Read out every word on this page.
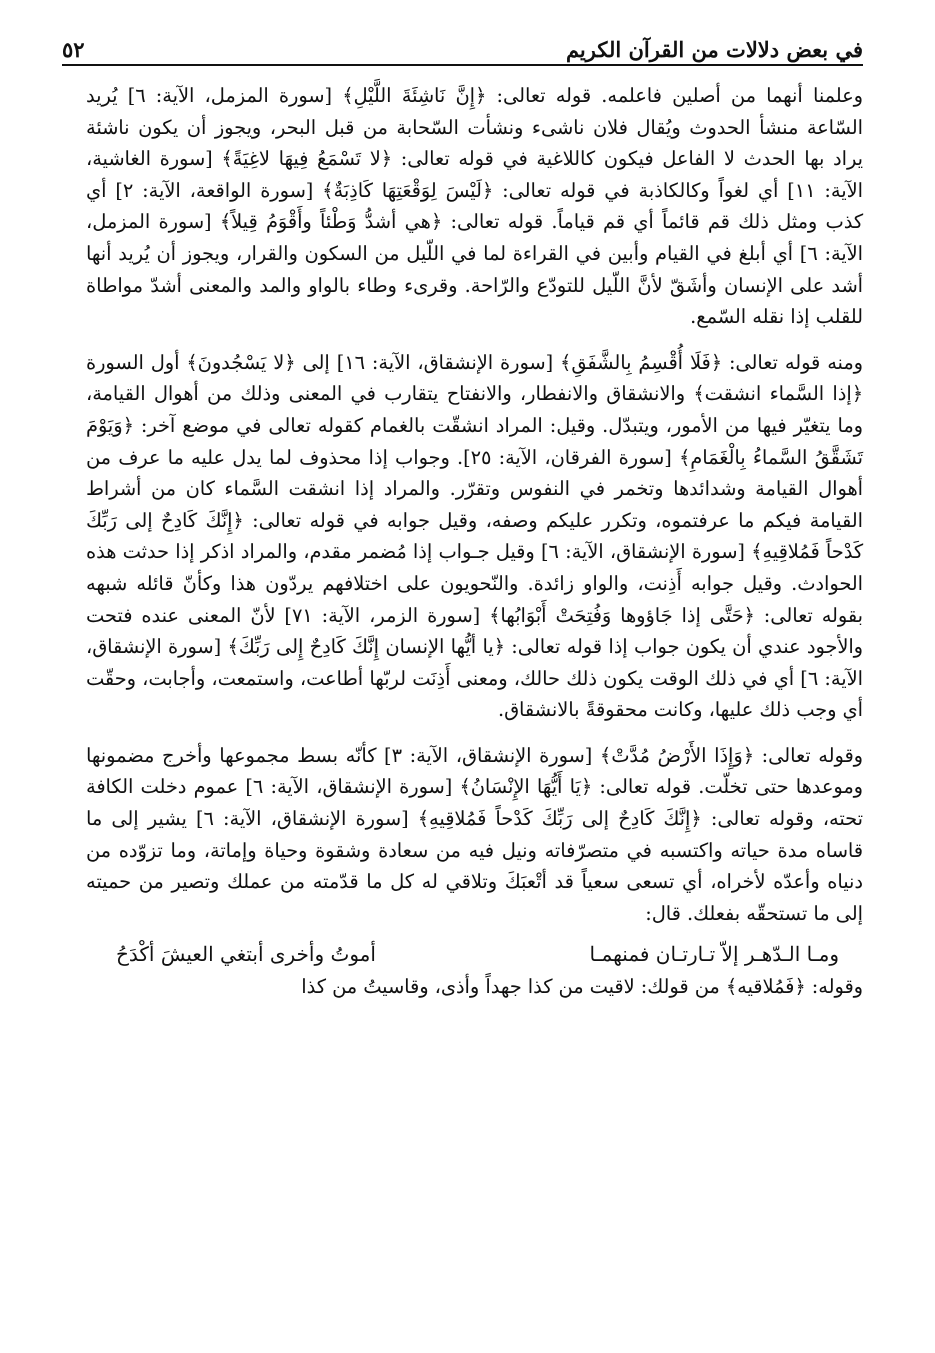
في بعض دلالات من القرآن الكريم
٥٢

وعلمنا أنهما من أصلين فاعلمه. قوله تعالى: ﴿إِنَّ نَاشِئَةَ اللَّيْلِ﴾ [سورة المزمل، الآية: ٦] يُريد السّاعة منشأ الحدوث ويُقال فلان ناشىء ونشأت السّحابة من قبل البحر، ويجوز أن يكون ناشئة يراد بها الحدث لا الفاعل فيكون كاللاغية في قوله تعالى: ﴿لا تَسْمَعُ فِيهَا لاغِيَةً﴾ [سورة الغاشية، الآية: ١١] أي لغواً وكالكاذبة في قوله تعالى: ﴿لَيْسَ لِوَقْعَتِهَا كَاذِبَةٌ﴾ [سورة الواقعة، الآية: ٢] أي كذب ومثل ذلك قم قائماً أي قم قياماً. قوله تعالى: ﴿هي أشدُّ وَطْئاً وأَقْوَمُ قِيلاً﴾ [سورة المزمل، الآية: ٦] أي أبلغ في القيام وأبين في القراءة لما في اللّيل من السكون والقرار، ويجوز أن يُريد أنها أشد على الإنسان وأشَقّ لأنَّ اللّيل للتودّع والرّاحة. وقرىء وطاء بالواو والمد والمعنى أشدّ مواطاة للقلب إذا نقله السّمع.

ومنه قوله تعالى: ﴿فَلَا أُقْسِمُ بِالشَّفَقِ﴾ [سورة الإنشقاق، الآية: ١٦] إلى ﴿لا يَسْجُدونَ﴾ أول السورة ﴿إذا السَّماء انشقت﴾ والانشقاق والانفطار، والانفتاح يتقارب في المعنى وذلك من أهوال القيامة، وما يتغيّر فيها من الأمور، ويتبدّل. وقيل: المراد انشقّت بالغمام كقوله تعالى في موضع آخر: ﴿وَيَوْمَ تَشَقَّقُ السَّماءُ بِالْغَمَامِ﴾ [سورة الفرقان، الآية: ٢٥]. وجواب إذا محذوف لما يدل عليه ما عرف من أهوال القيامة وشدائدها وتخمر في النفوس وتقرّر. والمراد إذا انشقت السَّماء كان من أشراط القيامة فيكم ما عرفتموه، وتكرر عليكم وصفه، وقيل جوابه في قوله تعالى: ﴿إِنَّكَ كَادِحٌ إلى رَبِّكَ كَدْحاً فَمُلاقِيهِ﴾ [سورة الإنشقاق، الآية: ٦] وقيل جـواب إذا مُضمر مقدم، والمراد اذكر إذا حدثت هذه الحوادث. وقيل جوابه أَذِنت، والواو زائدة. والنّحويون على اختلافهم يردّون هذا وكأنّ قائله شبهه بقوله تعالى: ﴿حَتَّى إذا جَاؤوها وَفُتِحَتْ أَبْوَابُها﴾ [سورة الزمر، الآية: ٧١] لأنّ المعنى عنده فتحت والأجود عندي أن يكون جواب إذا قوله تعالى: ﴿يا أيُّها الإنسان إِنَّكَ كَادِحٌ إِلى رَبِّكَ﴾ [سورة الإنشقاق، الآية: ٦] أي في ذلك الوقت يكون ذلك حالك، ومعنى أَذِنَت لربّها أطاعت، واستمعت، وأجابت، وحقّت أي وجب ذلك عليها، وكانت محقوقةً بالانشقاق.

وقوله تعالى: ﴿وَإِذَا الأَرْضُ مُدَّتْ﴾ [سورة الإنشقاق، الآية: ٣] كأنّه بسط مجموعها وأخرج مضمونها وموعدها حتى تخلّت. قوله تعالى: ﴿يَا أَيُّهَا الإِنْسَانُ﴾ [سورة الإنشقاق، الآية: ٦] عموم دخلت الكافة تحته، وقوله تعالى: ﴿إِنَّكَ كَادِحٌ إلى رَبِّكَ كَدْحاً فَمُلاقِيهِ﴾ [سورة الإنشقاق، الآية: ٦] يشير إلى ما قاساه مدة حياته واكتسبه في متصرّفاته ونيل فيه من سعادة وشقوة وحياة وإماتة، وما تزوّده من دنياه وأعدّه لأخراه، أي تسعى سعياً قد أتْعبَكَ وتلاقي له كل ما قدّمته من عملك وتصير من حميته إلى ما تستحقّه بفعلك. قال:

ومـا الـدّهـر إلاّ تـارتـان فمنهمـا
أموتُ وأخرى أبتغي العيشَ أكْدَحُ

وقوله: ﴿فَمُلاقيه﴾ من قولك: لاقيت من كذا جهداً وأذى، وقاسيتُ من كذا
